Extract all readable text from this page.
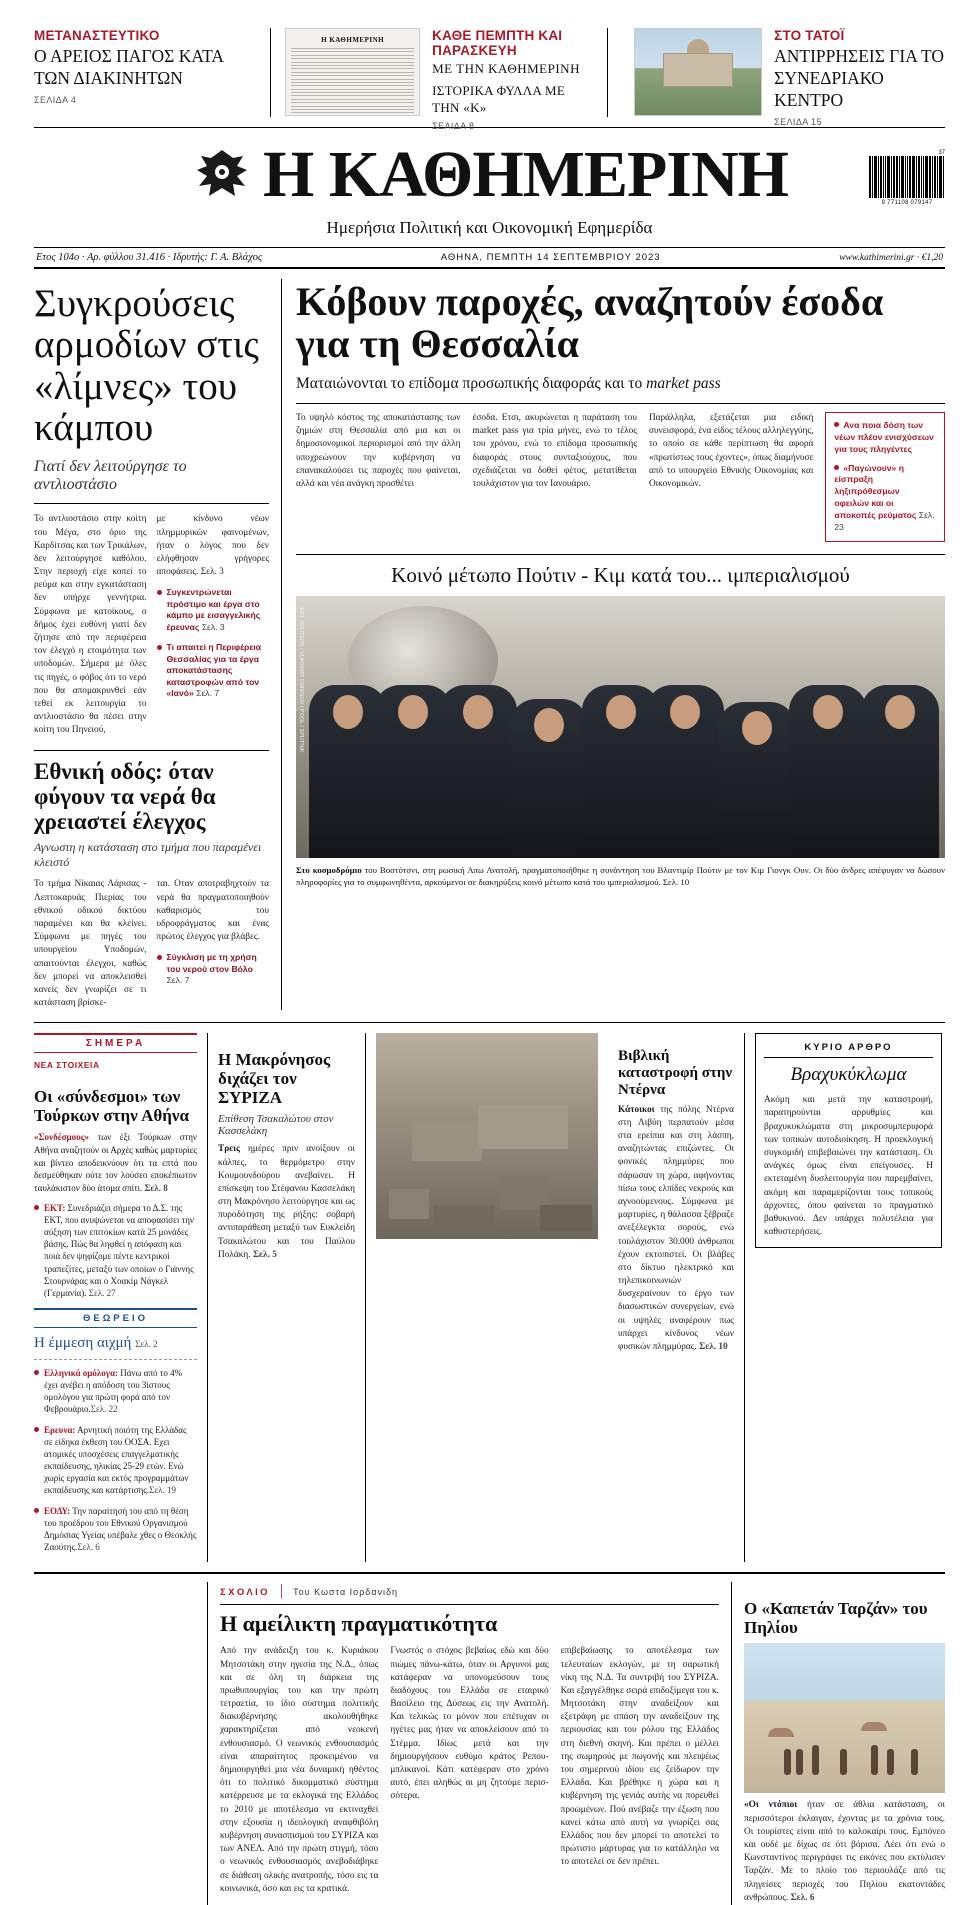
ΜΕΤΑΝΑΣΤΕΥΤΙΚΟ
Ο ΑΡΕΙΟΣ ΠΑΓΟΣ ΚΑΤΑ ΤΩΝ ΔΙΑΚΙΝΗΤΩΝ
ΣΕΛΙΔΑ 4
Η ΚΑΘΗΜΕΡΙΝΗ	ΚΑΘΕ ΠΕΜΠΤΗ ΚΑΙ ΠΑΡΑΣΚΕΥΗ
ΜΕ ΤΗΝ ΚΑΘΗΜΕΡΙΝΗ
ΙΣΤΟΡΙΚΑ ΦΥΛΛΑ ΜΕ ΤΗΝ «Κ»
ΣΕΛΙΔΑ 8
ΣΤΟ ΤΑΤΟΪ
ΑΝΤΙΡΡΗΣΕΙΣ ΓΙΑ ΤΟ ΣΥΝΕΔΡΙΑΚΟ ΚΕΝΤΡΟ
ΣΕΛΙΔΑ 15
Η ΚΑΘΗΜΕΡΙΝΗ	37
9 771108 079147
Ημερήσια Πολιτική και Οικονομική Εφημερίδα
Ετος 104ο · Αρ. φύλλου 31.416 · Ιδρυτής: Γ. Α. Βλάχος	ΑΘΗΝΑ, ΠΕΜΠΤΗ 14 ΣΕΠΤΕΜΒΡΙΟΥ 2023	www.kathimerini.gr · €1,20
Συγκρούσεις αρμοδίων στις «λίμνες» του κάμπου
Γιατί δεν λειτούργησε το αντλιοστάσιο
Το αντλιοστάσιο στην κοίτη του Μέγα, στο όριο της Καρδίτσας και των Τρικάλων, δεν λειτούργησε καθόλου. Στην περιοχή είχε κοπεί το ρεύμα και στην εγκατάσταση δεν υπήρχε γεννήτρια. Σύμφωνα με κατοίκους, ο δήμος έχει ευθύνη γιατί δεν ζήτησε από την περιφέρεια τον έλεγχό η ετοιμότητα των υποδομών. Σήμερα με όλες τις πηγές, ο φόβος ότι το νερό που θα απομακρυνθεί εάν τεθεί εκ λειτουργία το αντλιοστάσιο θα πέσει στην κοίτη του Πηνειού,
με κίνδυνο νέων πλημμυρικών φαινομένων, ήταν ο λόγος που δεν ελήφθησαν γρήγορες αποφάσεις. Σελ. 3
Συγκεντρώνεται πρόστιμο και έργα στο κάμπο με εισαγγελικής έρευνας Σελ. 3
Τι απαιτεί η Περιφέρεια Θεσσαλίας για τα έργα αποκατάστασης καταστροφών από τον «Ιανό» Σελ. 7
Εθνική οδός: όταν φύγουν τα νερά θα χρειαστεί έλεγχος
Αγνωστη η κατάσταση στο τμήμα που παραμένει κλειστό
Το τμήμα Νίκαιας Λάρισας - Λεπτοκαρυάς Πιερίας του εθνικού οδικού δικτύου παραμένει και θα κλείνει. Σύμφωνα με πηγές του υπουργείου Υποδομών, απαιτούνται έλεγχοι, καθώς δεν μπορεί να αποκλεισθεί κανείς δεν γνωρίζει σε τι κατάσταση βρίσκε-
ται. Οταν αποτραβηχτούν τα νερά θα πραγματοποιηθούν καθαρισμός του υδροφράγματος και ένας πρώτος έλεγχος για βλάβες.
Σύγκλιση με τη χρήση του νερού στον Βόλο Σελ. 7
Κόβουν παροχές, αναζητούν έσοδα για τη Θεσσαλία
Ματαιώνονται το επίδομα προσωπικής διαφοράς και το market pass
Το υψηλό κόστος της αποκατάστασης των ζημιών στη Θεσσαλία από μια και οι δημοσιονομικοί περιορισμοί από την άλλη υποχρεώνουν την κυβέρνηση να επανακαλούσει τις παροχές που φαίνεται, αλλά και νέα ανάγκη προσθέτει
έσοδα. Ετσι, ακυρώνεται η παράταση του market pass για τρία μήνες, ενώ το τέλος του χρόνου, ενώ το επίδομα προσωπικής διαφοράς στους συνταξιούχους, που σχεδιάζεται να δοθεί φέτος, μετατίθεται τουλάχιστον για τον Ιανουάριο.
Παράλληλα, εξετάζεται μια ειδική συνεισφορά, ένα είδος τέλους αλληλεγγύης, το οποίο σε κάθε περίπτωση θα αφορά «πρωτίστως τους έχοντες», όπως διαμήνυσε από το υπουργείο Εθνικής Οικονομίας και Οικονομικών.
Ανα ποια δόση των νέων πλέον ενισχύσεων για τους πληγέντες
«Παγώνουν» η είσπραξη ληξιπρόθεσμων οφειλών και οι αποκοπές ρεύματος Σελ. 23
Κοινό μέτωπο Πούτιν - Κιμ κατά του... ιμπεριαλισμού
ΦΩΤ. REUTERS / VLADIMIR SMIRNOV / POOL / SPUTNIK
Στο κοσμοδρόμιο του Βοστότσνι, στη ρωσική Απω Ανατολή, πραγματοποιήθηκε η συνάντηση του Βλαντιμίρ Πούτιν με τον Κιμ Γιονγκ Ουν. Οι δύο άνδρες απέφυγαν να δώσουν πληροφορίες για το συμφωνηθέντα, αρκούμενοι σε διακηρύξεις κοινό μέτωπο κατά του ιμπεριαλισμού. Σελ. 10
ΣΗΜΕΡΑ
ΝΕΑ ΣΤΟΙΧΕΙΑ
Οι «σύνδεσμοι» των Τούρκων στην Αθήνα
«Συνδέσμους» των έξι Τούρκων στην Αθήνα αναζητούν οι Αρχές καθώς μαρτυρίες και βίντεο αποδεικνύουν ότι τα επτά που δεσμεύθηκαν ούτε τον λούσεο εποκέπιωτον ταυλάκιστον δύο άτομα σπίτι. Σελ. 8
ΕΚΤ: Συνεδριάζει σήμερα το Δ.Σ. της ΕΚΤ, που ανυψώνεται να αποφασίσει την αύξηση των επιτοκίων κατά 25 μονάδες βάσης. Πώς θα ληφθεί η απόφαση και ποιά δεν ψηφίζομε πέντε κεντρικοί τραπεζίτες, μεταξύ των οποίων ο Γιάννης Στουρνάρας και ο Χοακίμ Νάγκελ (Γερμανία). Σελ. 27
ΘΕΩΡΕΙΟ
Η έμμεση αιχμή Σελ. 2
Ελληνικά ομόλογα: Πάνω από το 4% έχει ανέβει η απόδοση του 3ίστους ομολόγου για πρώτη φορά από τον Φεβρουάριο.Σελ. 22
Ερευνα: Αρνητική ποιότη της Ελλάδας σε είδηκα έκθεση του ΟΟΣΑ. Εχει ατομικές υποσχέσεις επαγγελματικής εκπαίδευσης, ηλικίας 25-29 ετών. Ενώ χωρίς εργασία και εκτός προγραμμάτων εκπαίδευσης και κατάρτισης.Σελ. 19
ΕΟΔΥ: Την παραίτησή του από τη θέση του προέδρου του Εθνικού Οργανισμού Δημόσιας Υγείας υπέβαλε χθες ο Θεοκλής Ζαούτης.Σελ. 6
Η Μακρόνησος διχάζει τον ΣΥΡΙΖΑ
Επίθεση Τσακαλώτου στον Κασσελάκη
Τρεις ημέρες πριν ανοίξουν οι κάλπες, το θερμόμετρο στην Κουμουνδούρου ανεβαίνει. Η επίσκεψη του Στέφανου Κασσελάκη στη Μακρόνησο λειτούργησε και ως πυροδότηση της ρήξης: σοβαρή αντιπαράθεση μεταξύ των Ευκλείδη Τσακαλώτου και του Παύλου Πολάκη. Σελ. 5
Βιβλική καταστροφή στην Ντέρνα
Κάτοικοι της πόλης Ντέρνα στη Λιβύη περπατούν μέσα στα ερείπια και στη λάσπη, αναζητώντας επιζώντες. Οι φονικές πλημμύρες που σάρωσαν τη χώρα, αφήνοντας πίσω τους ελπίδες νεκρούς και αγνοούμενους. Σύμφωνα με μαρτυρίες, η θάλασσα ξέβραζε ανεξέλεγκτα σορούς, ενώ τουλάχιστον 30.000 άνθρωποι έχουν εκτοπιστεί. Οι βλάβες στο δίκτυο ηλεκτρικό και τηλεπικοινωνιών δυσχεραίνουν το έργο των διασωστικών συνεργείων, ενώ οι υψηλές αναφέρουν πως υπάρχει κίνδυνος νέων φυσικών πλημμύρας. Σελ. 10
ΚΥΡΙΟ ΑΡΘΡΟ
Βραχυκύκλωμα
Ακόμη και μετά την καταστροφή, παρατηρούνται αρρυθμίες και βραχυκυκλώματα στη μικροσυμπεριφορά των τοπικών αυτοδιοίκηση. Η προεκλογική συγκομιδή επιβεβαιώνει την κατάσταση. Οι ανάγκες όμως είναι επείγουσες. Η εκτεταμένη δυσλειτουργία που παρεμβαίνει, ακόμη και παραμερίζονται τους τοπικούς άρχοντες, όπου φαίνεται το πραγματικό βαθυκινού. Δεν υπάρχει πολυτέλεια για καθυστερήσεις.
ΣΧΟΛΙΟ | Του Κωστα Ιορδανιδη
Η αμείλικτη πραγματικότητα
Από την ανάδειξη του κ. Κυριάκου Μητσοτάκη στην ηγεσία της Ν.Δ., όπως και σε όλη τη διάρκεια της πρωθυπουργίας του και την πρώτη τετραετία, το ίδιο σύστημα πολιτικής διακυβέρνησης ακολουθήθηκε χαρακτηρίζεται από νεοκενή ενθουσιασμό. Ο νεωνικός ενθουσιασμός είναι απαραίτητος προκειμένου να δημιουργηθεί μια νέα δυναμική ηθέντος ότι το πολιτικό δικομματικό σύστημα κατέρρευσε με τα εκλογικά της Ελλάδος το 2010 με αποτέλεσμα να εκτιναχθεί στην εξουσία η ιδεολογική αναφθιβόλη κυβέρνηση συνασπισμού του ΣΥΡΙΖΑ και των ΑΝΕΛ. Από την πρώτη στιγμή, τόσο ο νεωνικός ενθουσιασμός ανεβοδιάβηκε σε διάθεση ολικής ανατροπής, τόσο εις τα κοινωνικά, όσο και εις τα κρατικά.
Γνωστός ο στόχος βεβαίως εδώ και δύο πιώμες πάνω-κάτω, όταν οι Αργυνοί μας κατάφεραν να υπονομεύσουν τους διαδόχους του Ελλάδα σε εταιρικό Βασίλειο της Δύσεως εις την Ανατολή. Και τελικώς το μόνον που επέτυχαν οι ηγέτες μας ήταν να αποκλείσουν από το Στέμμα. Ιδίως μετά και την δημιουργήσουν ευθύμο κράτος Ρεπουμπλικανοί. Κάτι κατέφεραν στο χρόνο αυτό, έπει αληθώς αι μη ζητούμε περισσότερα.
επιβεβαίωσης το αποτέλεσμα των τελευταίων εκλογών, με τη σαρωτική νίκη της Ν.Δ. Τα συντριβή του ΣΥΡΙΖΑ. Και εξαγγέλθηκε σειρά επιδοξίμεγα του κ. Μητσοτάκη στην αναδείξουν και εξετράφη με σπάση την αναδείξουν της περιουσίας και του ρόλου της Ελλάδος στη διεθνή σκηνή. Και πρέπει ο μέλλει της σωμηρούς με πωγονής και πλειψέως του σημερινού ιδίου εις ζείδωρον την Ελλάδα. Και βρέθηκε η χώρα και η κυβέρνηση της γενιάς αυτής να πορευθεί προωμένων. Πού ανέβαζε την έξωση που κανεί κάτω από αυτή να γνωρίζει σας Ελλάδος που δεν μπορεί το αποτελεί το πρώτιστο μάρτυρας για το κατάλληλο να το αποτελεί σε δεν πρέπει.
Ο «Καπετάν Ταρζάν» του Πηλίου
«Οι ντόπιοι ήταν σε άθλια κατάσταση, οι περισσότεροι έκλαιγαν, έχοντας με τα χρόνια τους. Οι τουρίστες είναι από το καλοκαίρι τους. Εμπόνεο και ουδέ με δίχως σε ότι βόρισα. Λέει ότι ενώ ο Κωνσταντίνος περιγράφει τις εικόνες που εκτύλισεν Ταρζάν. Με το πλοίο του περιουλάζε από τις πληγείσες περιοχές του Πηλίου εκατοντάδες ανθρώπους. Σελ. 6
